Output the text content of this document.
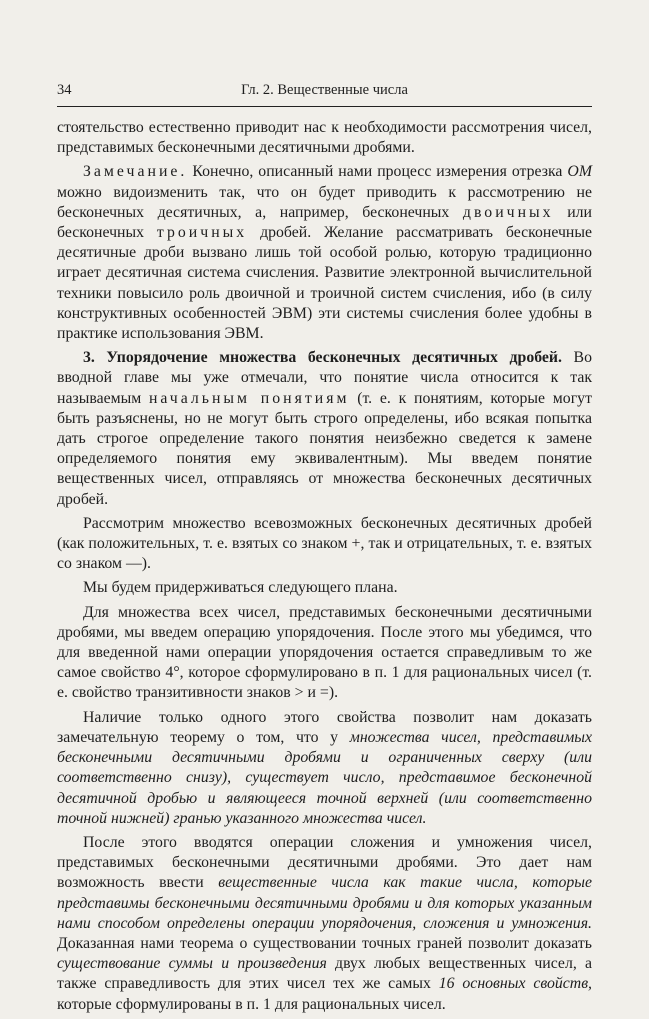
34	Гл. 2. Вещественные числа

стоятельство естественно приводит нас к необходимости рассмотрения чисел, представимых бесконечными десятичными дробями.

Замечание. Конечно, описанный нами процесс измерения отрезка ОМ можно видоизменить так, что он будет приводить к рассмотрению не бесконечных десятичных, а, например, бесконечных двоичных или бесконечных троичных дробей. Желание рассматривать бесконечные десятичные дроби вызвано лишь той особой ролью, которую традиционно играет десятичная система счисления. Развитие электронной вычислительной техники повысило роль двоичной и троичной систем счисления, ибо (в силу конструктивных особенностей ЭВМ) эти системы счисления более удобны в практике использования ЭВМ.

3. Упорядочение множества бесконечных десятичных дробей. Во вводной главе мы уже отмечали, что понятие числа относится к так называемым начальным понятиям (т. е. к понятиям, которые могут быть разъяснены, но не могут быть строго определены, ибо всякая попытка дать строгое определение такого понятия неизбежно сведется к замене определяемого понятия ему эквивалентным). Мы введем понятие вещественных чисел, отправляясь от множества бесконечных десятичных дробей.

Рассмотрим множество всевозможных бесконечных десятичных дробей (как положительных, т. е. взятых со знаком +, так и отрицательных, т. е. взятых со знаком —).

Мы будем придерживаться следующего плана.

Для множества всех чисел, представимых бесконечными десятичными дробями, мы введем операцию упорядочения. После этого мы убедимся, что для введенной нами операции упорядочения остается справедливым то же самое свойство 4°, которое сформулировано в п. 1 для рациональных чисел (т. е. свойство транзитивности знаков > и =).

Наличие только одного этого свойства позволит нам доказать замечательную теорему о том, что у множества чисел, представимых бесконечными десятичными дробями и ограниченных сверху (или соответственно снизу), существует число, представимое бесконечной десятичной дробью и являющееся точной верхней (или соответственно точной нижней) гранью указанного множества чисел.

После этого вводятся операции сложения и умножения чисел, представимых бесконечными десятичными дробями. Это дает нам возможность ввести вещественные числа как такие числа, которые представимы бесконечными десятичными дробями и для которых указанным нами способом определены операции упорядочения, сложения и умножения. Доказанная нами теорема о существовании точных граней позволит доказать существование суммы и произведения двух любых вещественных чисел, а также справедливость для этих чисел тех же самых 16 основных свойств, которые сформулированы в п. 1 для рациональных чисел.
